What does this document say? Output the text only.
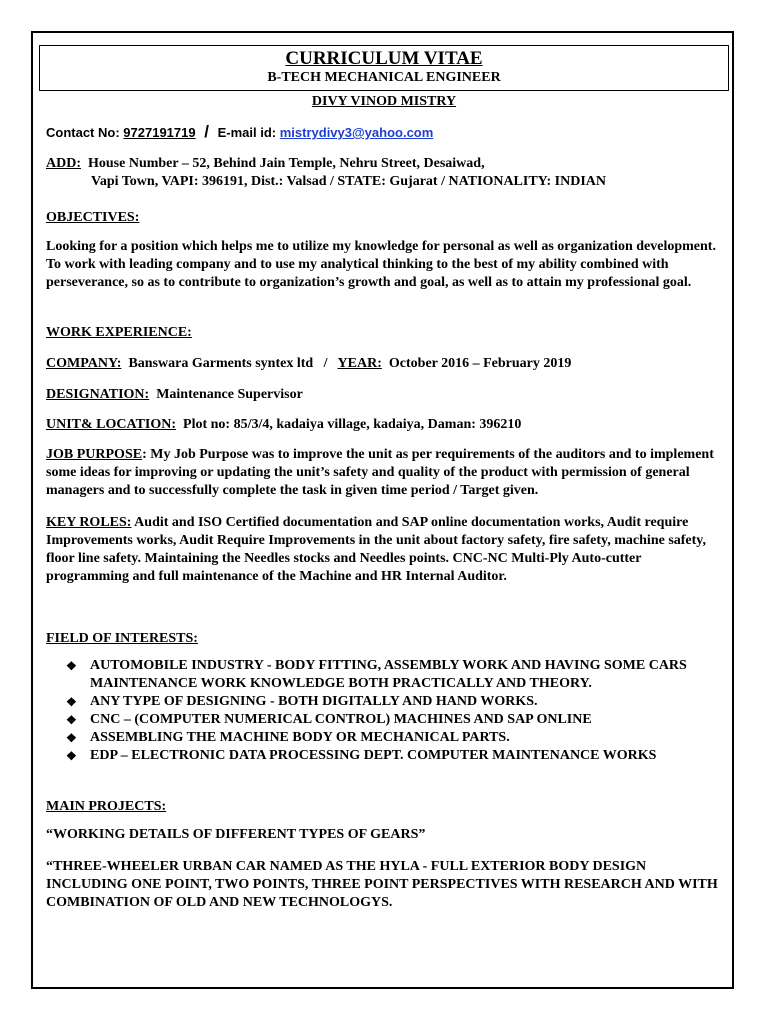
CURRICULUM VITAE
B-TECH MECHANICAL ENGINEER
DIVY VINOD MISTRY
Contact No: 9727191719 / E-mail id: mistrydivy3@yahoo.com
ADD: House Number – 52, Behind Jain Temple, Nehru Street, Desaiwad,
Vapi Town, VAPI: 396191, Dist.: Valsad / STATE: Gujarat / NATIONALITY: INDIAN
OBJECTIVES:
Looking for a position which helps me to utilize my knowledge for personal as well as organization development. To work with leading company and to use my analytical thinking to the best of my ability combined with perseverance, so as to contribute to organization’s growth and goal, as well as to attain my professional goal.
WORK EXPERIENCE:
COMPANY: Banswara Garments syntex ltd / YEAR: October 2016 – February 2019
DESIGNATION: Maintenance Supervisor
UNIT& LOCATION: Plot no: 85/3/4, kadaiya village, kadaiya, Daman: 396210
JOB PURPOSE: My Job Purpose was to improve the unit as per requirements of the auditors and to implement some ideas for improving or updating the unit’s safety and quality of the product with permission of general managers and to successfully complete the task in given time period / Target given.
KEY ROLES: Audit and ISO Certified documentation and SAP online documentation works, Audit require Improvements works, Audit Require Improvements in the unit about factory safety, fire safety, machine safety, floor line safety. Maintaining the Needles stocks and Needles points. CNC-NC Multi-Ply Auto-cutter programming and full maintenance of the Machine and HR Internal Auditor.
FIELD OF INTERESTS:
❖ AUTOMOBILE INDUSTRY - BODY FITTING, ASSEMBLY WORK AND HAVING SOME CARS MAINTENANCE WORK KNOWLEDGE BOTH PRACTICALLY AND THEORY.
❖ ANY TYPE OF DESIGNING - BOTH DIGITALLY AND HAND WORKS.
❖ CNC – (COMPUTER NUMERICAL CONTROL) MACHINES AND SAP ONLINE
❖ ASSEMBLING THE MACHINE BODY OR MECHANICAL PARTS.
❖ EDP – ELECTRONIC DATA PROCESSING DEPT. COMPUTER MAINTENANCE WORKS
MAIN PROJECTS:
“WORKING DETAILS OF DIFFERENT TYPES OF GEARS”
“THREE-WHEELER URBAN CAR NAMED AS THE HYLA - FULL EXTERIOR BODY DESIGN INCLUDING ONE POINT, TWO POINTS, THREE POINT PERSPECTIVES WITH RESEARCH AND WITH COMBINATION OF OLD AND NEW TECHNOLOGYS.
